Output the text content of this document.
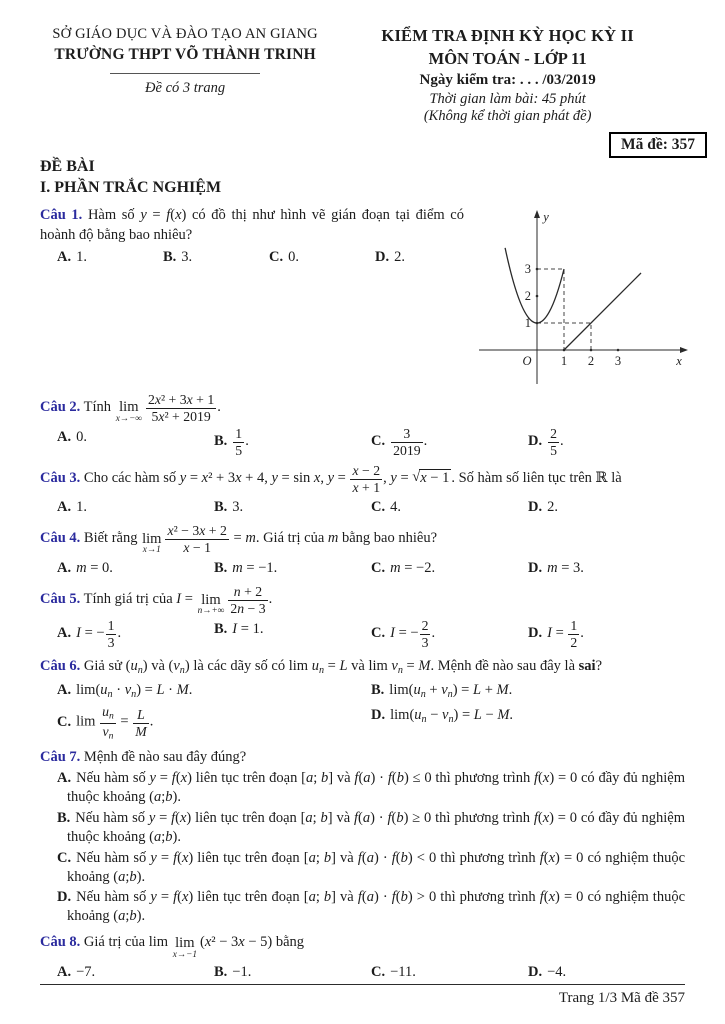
SỞ GIÁO DỤC VÀ ĐÀO TẠO AN GIANG
TRƯỜNG THPT VÕ THÀNH TRINH
Đề có 3 trang
KIỂM TRA ĐỊNH KỲ HỌC KỲ II
MÔN TOÁN - LỚP 11
Ngày kiểm tra: . . . /03/2019
Thời gian làm bài: 45 phút
(Không kể thời gian phát đề)
Mã đề: 357
ĐỀ BÀI
I. PHẦN TRẮC NGHIỆM

Câu 1. Hàm số y = f(x) có đồ thị như hình vẽ gián đoạn tại điểm có hoành độ bằng bao nhiêu?

A. 1.	B. 3.	C. 0.	D. 2.

Câu 2. Tính lim
$x\to-\infty \frac{\text{2x² + 3x + 1}}{\text{5x² + 2019}}$ .

A. 0.	B. $\frac{1}{5}$ .	C. $\frac{3}{2019}$ .	D. $\frac{2}{5}$ .

Câu 3. Cho các hàm số y = x² + 3x + 4, y = sin x, $y = \frac{x - 2}{x + 1}$ , y = √x − 1 . Số hàm số liên tục trên ℝ là

A. 1.	B. 3.	C. 4.	D. 2.

Câu 4. Biết rằng lim
$x\to 1 \frac{\text{x² − 3x + 2}}{x - 1} = m$. Giá trị của m bằng bao nhiêu?

A. m = 0.	B. m = −1.	C. m = −2.	D. m = 3.

Câu 5. Tính giá trị của I = lim
$n\to+\infty \frac{n + 2}{2n - 3}$ .

A. I = − $\frac{1}{3}$ .	B. I = 1.	C. I = − $\frac{2}{3}$ .	D. $I = \frac{1}{2}$ .

Câu 6. Giả sử (un) và (vn) là các dãy số có lim un = L và lim vn = M. Mệnh đề nào sau đây là sai?

A. lim(un · vn) = L · M.	B. lim(un + vn) = L + M.
C. $\lim \frac{un}{vn} = \frac{L}{M}$ .	D. lim(un − vn) = L − M.

Câu 7. Mệnh đề nào sau đây đúng?

A. Nếu hàm số y = f(x) liên tục trên đoạn [a; b] và f(a) · f(b) ≤ 0 thì phương trình f(x) = 0 có đầy đủ nghiệm thuộc khoảng (a;b).
B. Nếu hàm số y = f(x) liên tục trên đoạn [a; b] và f(a) · f(b) ≥ 0 thì phương trình f(x) = 0 có đầy đủ nghiệm thuộc khoảng (a;b).
C. Nếu hàm số y = f(x) liên tục trên đoạn [a; b] và f(a) · f(b) < 0 thì phương trình f(x) = 0 có nghiệm thuộc khoảng (a;b).
D. Nếu hàm số y = f(x) liên tục trên đoạn [a; b] và f(a) · f(b) > 0 thì phương trình f(x) = 0 có nghiệm thuộc khoảng (a;b).

Câu 8. Giá trị của lim lim
x→−1
(x² − 3x − 5) bằng

A. −7.	B. −1.	C. −11.	D. −4.
1 2 3
1
2
3
O	x
y
Trang 1/3 Mã đề 357
